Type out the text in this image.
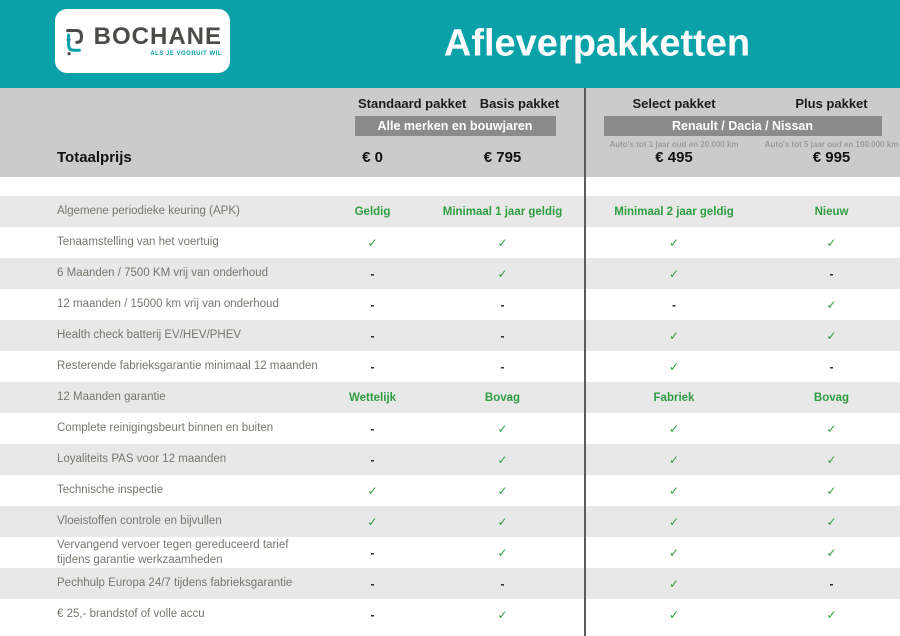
BOCHANE
ALS JE VOORUIT WIL	Afleverpakketten
Standaard pakket	Basis pakket	Select pakket	Plus pakket
Alle merken en bouwjaren	Renault / Dacia / Nissan
Auto's tot 1 jaar oud en 20.000 km	Auto's tot 5 jaar oud en 100.000 km
Totaalprijs	€ 0	€ 795	€ 495	€ 995
Algemene periodieke keuring (APK)	Geldig	Minimaal 1 jaar geldig	Minimaal 2 jaar geldig	Nieuw
Tenaamstelling van het voertuig	✓	✓	✓	✓
6 Maanden / 7500 KM vrij van onderhoud	-	✓	✓	-
12 maanden / 15000 km vrij van onderhoud	-	-	-	✓
Health check batterij EV/HEV/PHEV	-	-	✓	✓
Resterende fabrieksgarantie minimaal 12 maanden	-	-	✓	-
12 Maanden garantie	Wettelijk	Bovag	Fabriek	Bovag
Complete reinigingsbeurt binnen en buiten	-	✓	✓	✓
Loyaliteits PAS voor 12 maanden	-	✓	✓	✓
Technische inspectie	✓	✓	✓	✓
Vloeistoffen controle en bijvullen	✓	✓	✓	✓
Vervangend vervoer tegen gereduceerd tarief tijdens garantie werkzaamheden	-	✓	✓	✓
Pechhulp Europa 24/7 tijdens fabrieksgarantie	-	-	✓	-
€ 25,- brandstof of volle accu	-	✓	✓	✓
